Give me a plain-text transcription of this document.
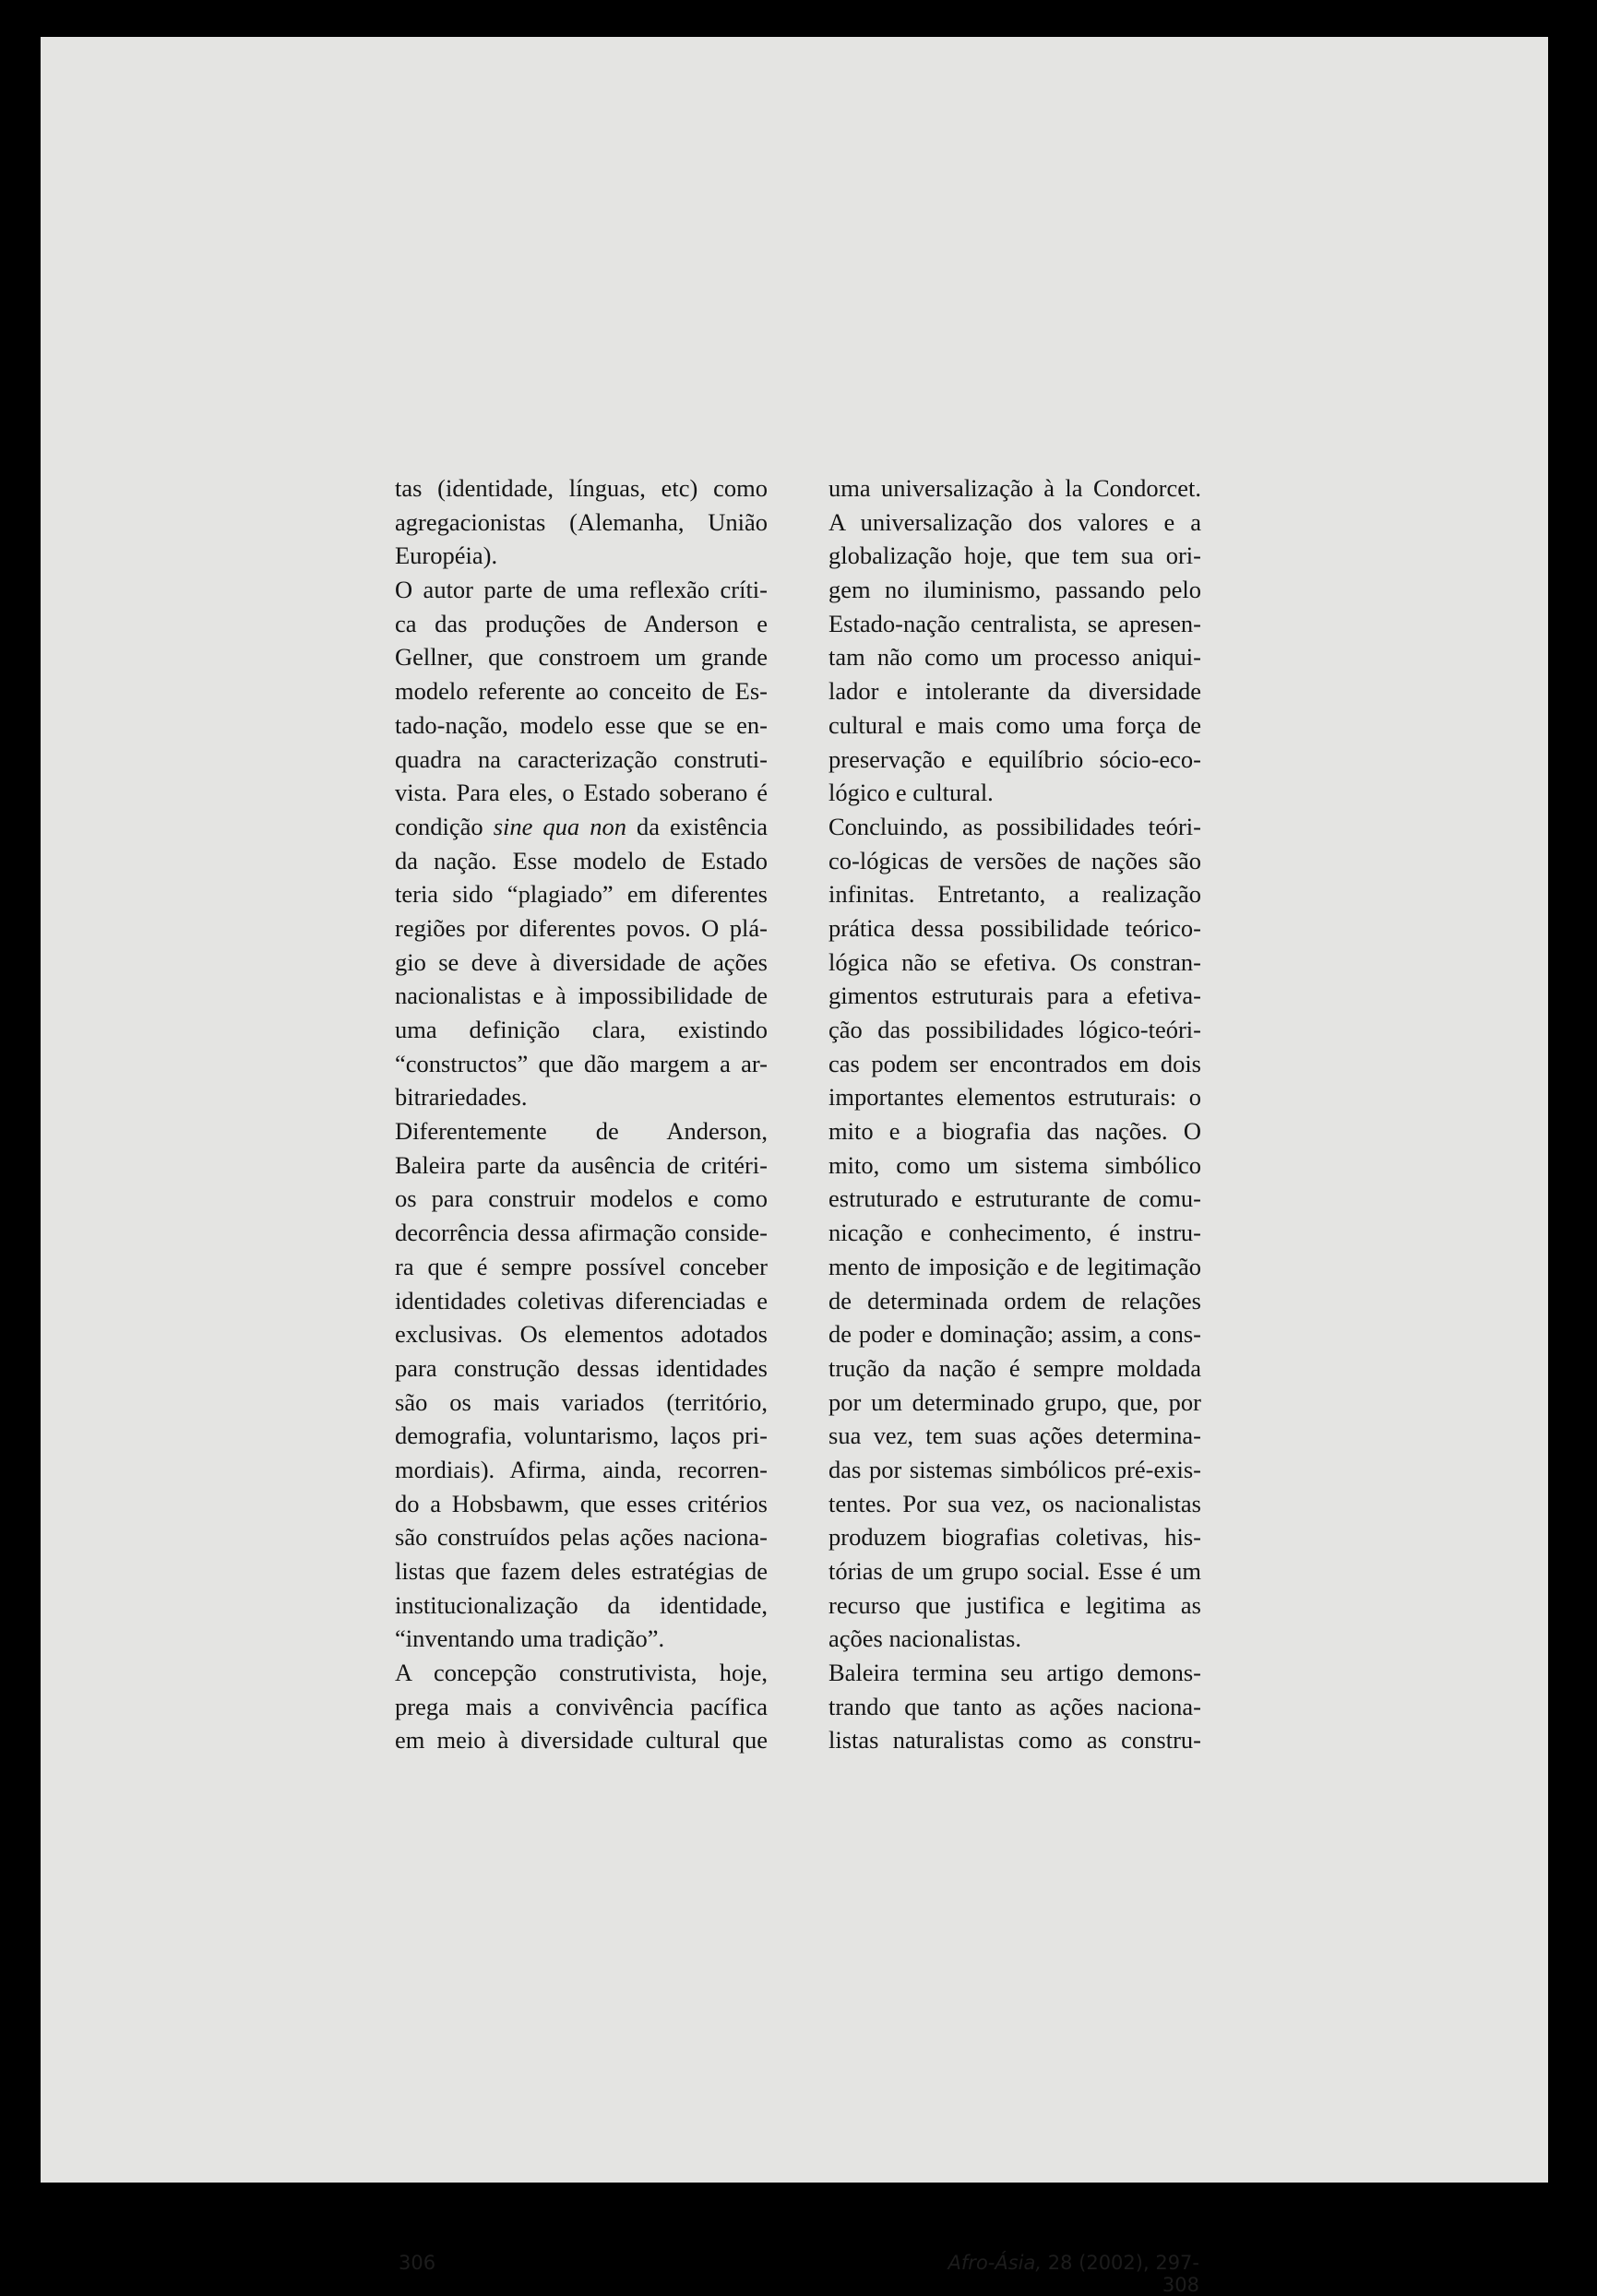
tas (identidade, línguas, etc) como
agregacionistas (Alemanha, União
Européia).
O autor parte de uma reflexão críti-
ca das produções de Anderson e
Gellner, que constroem um grande
modelo referente ao conceito de Es-
tado-nação, modelo esse que se en-
quadra na caracterização construti-
vista. Para eles, o Estado soberano é
condição sine qua non da existência
da nação. Esse modelo de Estado
teria sido “plagiado” em diferentes
regiões por diferentes povos. O plá-
gio se deve à diversidade de ações
nacionalistas e à impossibilidade de
uma definição clara, existindo
“constructos” que dão margem a ar-
bitrariedades.
Diferentemente de Anderson,
Baleira parte da ausência de critéri-
os para construir modelos e como
decorrência dessa afirmação conside-
ra que é sempre possível conceber
identidades coletivas diferenciadas e
exclusivas. Os elementos adotados
para construção dessas identidades
são os mais variados (território,
demografia, voluntarismo, laços pri-
mordiais). Afirma, ainda, recorren-
do a Hobsbawm, que esses critérios
são construídos pelas ações naciona-
listas que fazem deles estratégias de
institucionalização da identidade,
“inventando uma tradição”.
A concepção construtivista, hoje,
prega mais a convivência pacífica
em meio à diversidade cultural que
uma universalização à la Condorcet.
A universalização dos valores e a
globalização hoje, que tem sua ori-
gem no iluminismo, passando pelo
Estado-nação centralista, se apresen-
tam não como um processo aniqui-
lador e intolerante da diversidade
cultural e mais como uma força de
preservação e equilíbrio sócio-eco-
lógico e cultural.
Concluindo, as possibilidades teóri-
co-lógicas de versões de nações são
infinitas. Entretanto, a realização
prática dessa possibilidade teórico-
lógica não se efetiva. Os constran-
gimentos estruturais para a efetiva-
ção das possibilidades lógico-teóri-
cas podem ser encontrados em dois
importantes elementos estruturais: o
mito e a biografia das nações. O
mito, como um sistema simbólico
estruturado e estruturante de comu-
nicação e conhecimento, é instru-
mento de imposição e de legitimação
de determinada ordem de relações
de poder e dominação; assim, a cons-
trução da nação é sempre moldada
por um determinado grupo, que, por
sua vez, tem suas ações determina-
das por sistemas simbólicos pré-exis-
tentes. Por sua vez, os nacionalistas
produzem biografias coletivas, his-
tórias de um grupo social. Esse é um
recurso que justifica e legitima as
ações nacionalistas.
Baleira termina seu artigo demons-
trando que tanto as ações naciona-
listas naturalistas como as constru-
306	Afro-Ásia, 28 (2002), 297-308
